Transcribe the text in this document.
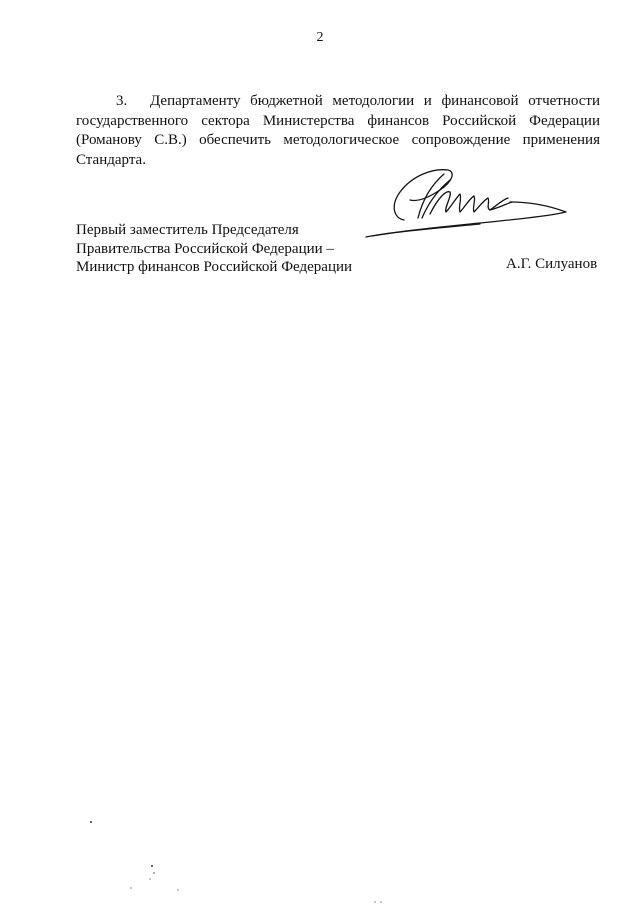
2

3. Департаменту бюджетной методологии и финансовой отчетности государственного сектора Министерства финансов Российской Федерации (Романову С.В.) обеспечить методологическое сопровождение применения Стандарта.

Первый заместитель Председателя
Правительства Российской Федерации –
Министр финансов Российской Федерации	А.Г. Силуанов
